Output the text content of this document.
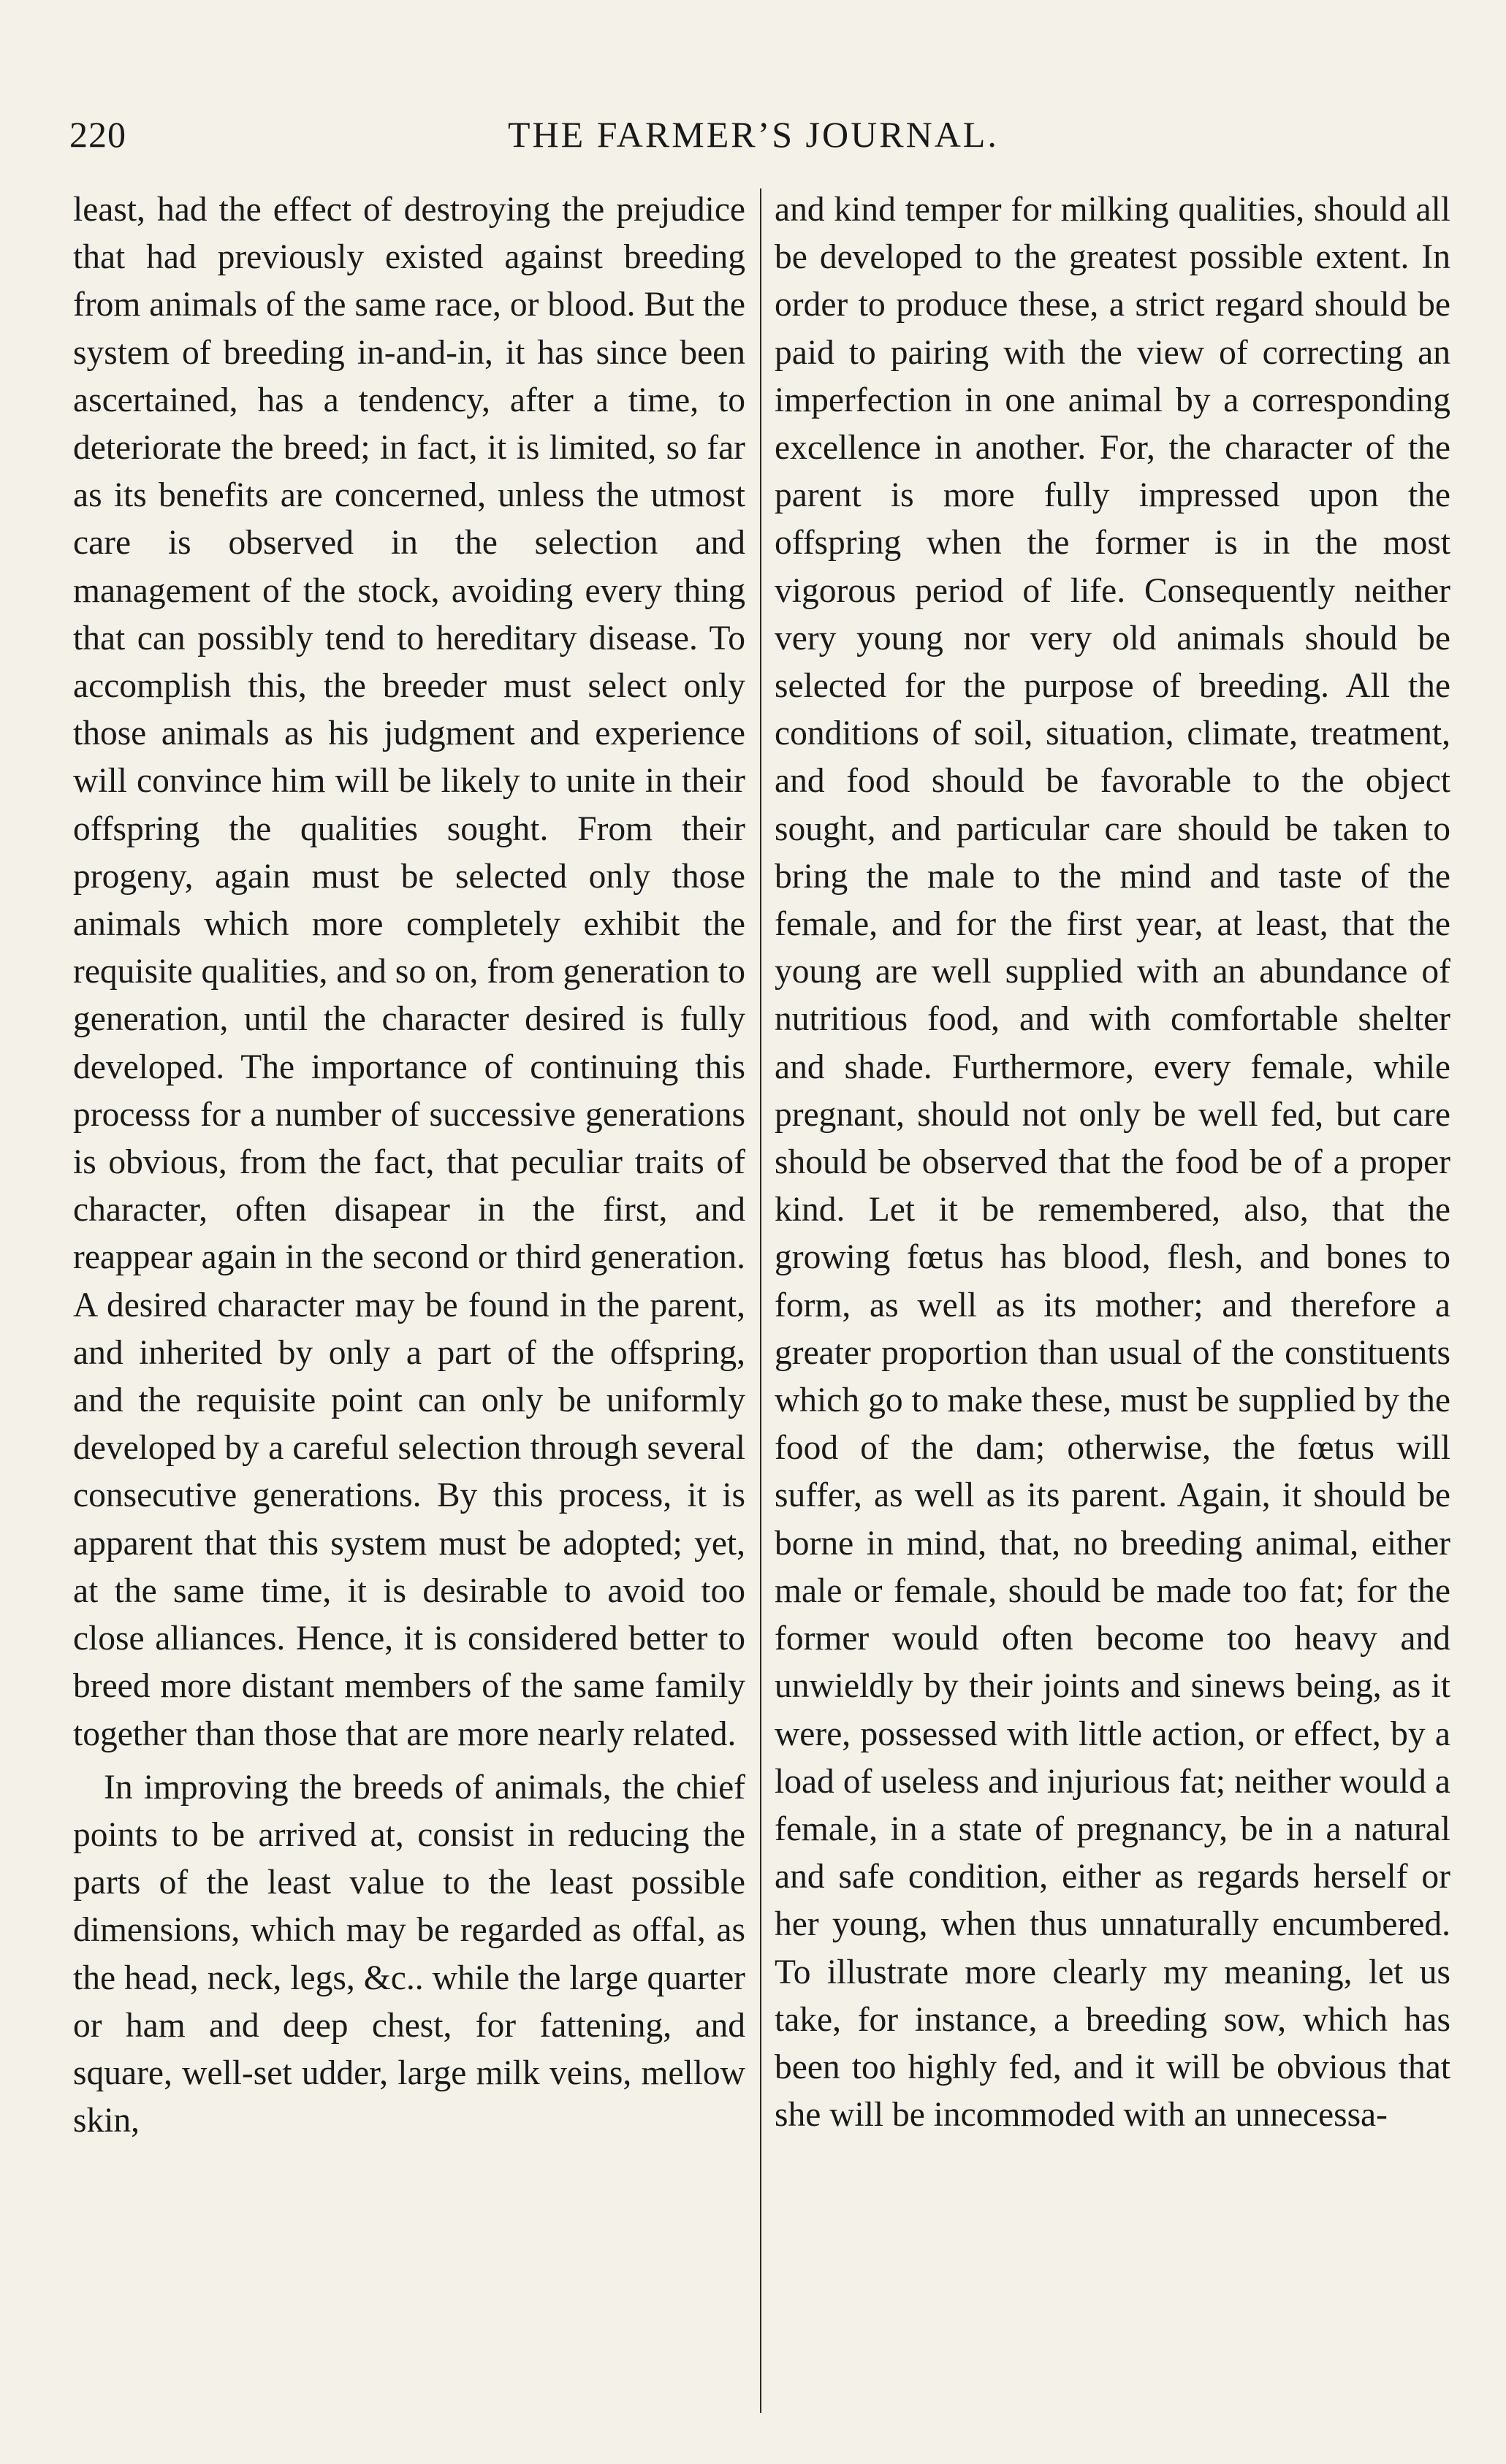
220	THE FARMER’S JOURNAL.

least, had the effect of destroying the prejudice that had previously existed against breeding from animals of the same race, or blood. But the system of breeding in-and-in, it has since been ascertained, has a tendency, after a time, to deteriorate the breed; in fact, it is limited, so far as its benefits are concerned, unless the utmost care is observed in the selection and management of the stock, avoiding every thing that can possibly tend to hereditary disease. To accomplish this, the breeder must select only those animals as his judgment and experience will convince him will be likely to unite in their offspring the qualities sought. From their progeny, again must be selected only those animals which more completely exhibit the requisite qualities, and so on, from generation to generation, until the character desired is fully developed. The importance of continuing this processs for a number of successive generations is obvious, from the fact, that peculiar traits of character, often disapear in the first, and reappear again in the second or third generation. A desired character may be found in the parent, and inherited by only a part of the offspring, and the requisite point can only be uniformly developed by a careful selection through several consecutive generations. By this process, it is apparent that this system must be adopted; yet, at the same time, it is desirable to avoid too close alliances. Hence, it is considered better to breed more distant members of the same family together than those that are more nearly related.

In improving the breeds of animals, the chief points to be arrived at, consist in reducing the parts of the least value to the least possible dimensions, which may be regarded as offal, as the head, neck, legs, &c.. while the large quarter or ham and deep chest, for fattening, and square, well-set udder, large milk veins, mellow skin,

and kind temper for milking qualities, should all be developed to the greatest possible extent. In order to produce these, a strict regard should be paid to pairing with the view of correcting an imperfection in one animal by a corresponding excellence in another. For, the character of the parent is more fully impressed upon the offspring when the former is in the most vigorous period of life. Consequently neither very young nor very old animals should be selected for the purpose of breeding. All the conditions of soil, situation, climate, treatment, and food should be favorable to the object sought, and particular care should be taken to bring the male to the mind and taste of the female, and for the first year, at least, that the young are well supplied with an abundance of nutritious food, and with comfortable shelter and shade. Furthermore, every female, while pregnant, should not only be well fed, but care should be observed that the food be of a proper kind. Let it be remembered, also, that the growing fœtus has blood, flesh, and bones to form, as well as its mother; and therefore a greater proportion than usual of the constituents which go to make these, must be supplied by the food of the dam; otherwise, the fœtus will suffer, as well as its parent. Again, it should be borne in mind, that, no breeding animal, either male or female, should be made too fat; for the former would often become too heavy and unwieldly by their joints and sinews being, as it were, possessed with little action, or effect, by a load of useless and injurious fat; neither would a female, in a state of pregnancy, be in a natural and safe condition, either as regards herself or her young, when thus unnaturally encumbered. To illustrate more clearly my meaning, let us take, for instance, a breeding sow, which has been too highly fed, and it will be obvious that she will be incommoded with an unnecessa-
